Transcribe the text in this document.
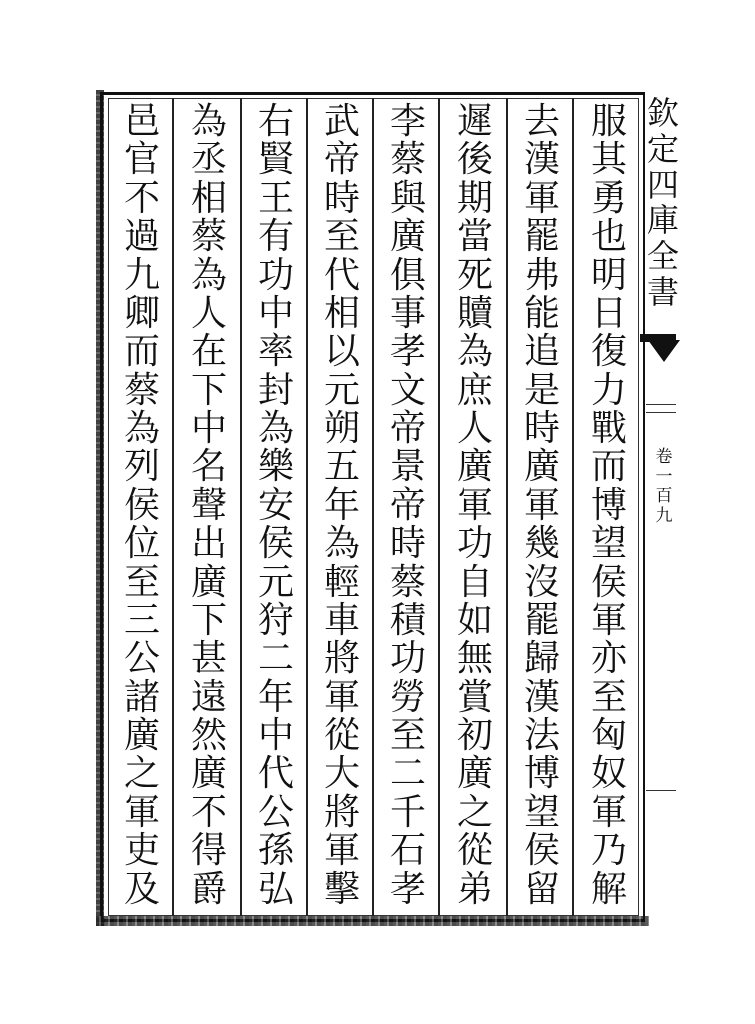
服
其
勇
也
明
日
復
力
戰
而
博
望
侯
軍
亦
至
匈
奴
軍
乃
解
去
漢
軍
罷
弗
能
追
是
時
廣
軍
幾
沒
罷
歸
漢
法
博
望
侯
留
遲
後
期
當
死
贖
為
庶
人
廣
軍
功
自
如
無
賞
初
廣
之
從
弟
李
蔡
與
廣
俱
事
孝
文
帝
景
帝
時
蔡
積
功
勞
至
二
千
石
孝
武
帝
時
至
代
相
以
元
朔
五
年
為
輕
車
將
軍
從
大
將
軍
擊
右
賢
王
有
功
中
率
封
為
樂
安
侯
元
狩
二
年
中
代
公
孫
弘
為
丞
相
蔡
為
人
在
下
中
名
聲
出
廣
下
甚
遠
然
廣
不
得
爵
邑
官
不
過
九
卿
而
蔡
為
列
侯
位
至
三
公
諸
廣
之
軍
吏
及
欽
定
四
庫
全
書
卷
一
百
九
